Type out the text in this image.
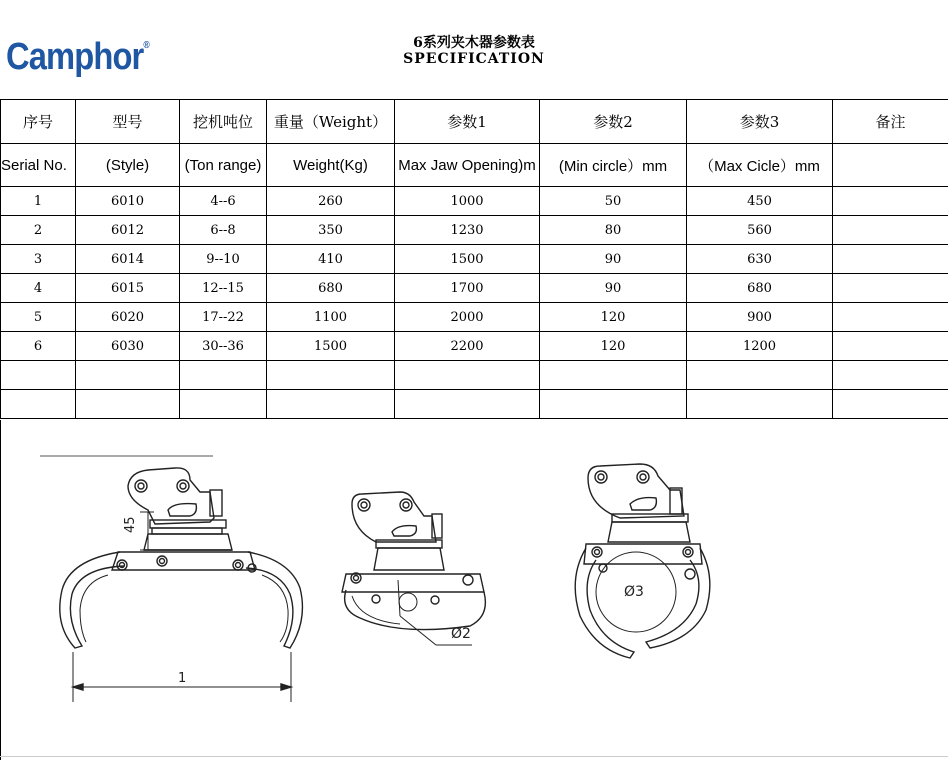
Camphor®	6系列夹木器参数表
SPECIFICATION
序号	型号	挖机吨位	重量（Weight）	参数1	参数2	参数3	备注
Serial No.	(Style)	(Ton range)	Weight(Kg)	Max Jaw Opening)m	(Min circle）mm	（Max Cicle）mm	
1	6010	4--6	260	1000	50	450	
2	6012	6--8	350	1230	80	560	
3	6014	9--10	410	1500	90	630	
4	6015	12--15	680	1700	90	680	
5	6020	17--22	1100	2000	120	900	
6	6030	30--36	1500	2200	120	1200	

45
1
Ø2
Ø3
